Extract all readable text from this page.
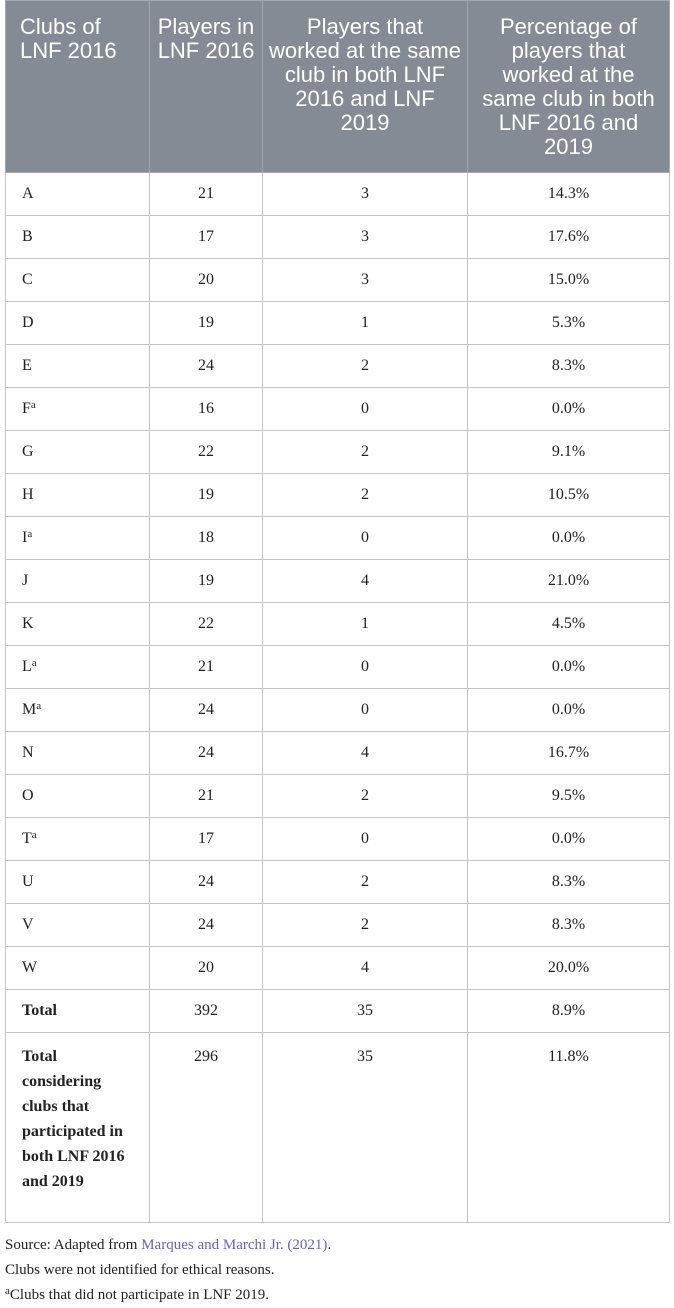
Clubs of LNF 2016	Players in LNF 2016	Players that worked at the same club in both LNF 2016 and LNF 2019	Percentage of players that worked at the same club in both LNF 2016 and 2019
A	21	3	14.3%
B	17	3	17.6%
C	20	3	15.0%
D	19	1	5.3%
E	24	2	8.3%
F$^a$	16	0	0.0%
G	22	2	9.1%
H	19	2	10.5%
I$^a$	18	0	0.0%
J	19	4	21.0%
K	22	1	4.5%
L$^a$	21	0	0.0%
M$^a$	24	0	0.0%
N	24	4	16.7%
O	21	2	9.5%
T$^a$	17	0	0.0%
U	24	2	8.3%
V	24	2	8.3%
W	20	4	20.0%
Total	392	35	8.9%
Total considering clubs that participated in both LNF 2016 and 2019	296	35	11.8%
Source: Adapted from Marques and Marchi Jr. (2021).
Clubs were not identified for ethical reasons.
$^a$Clubs that did not participate in LNF 2019.
